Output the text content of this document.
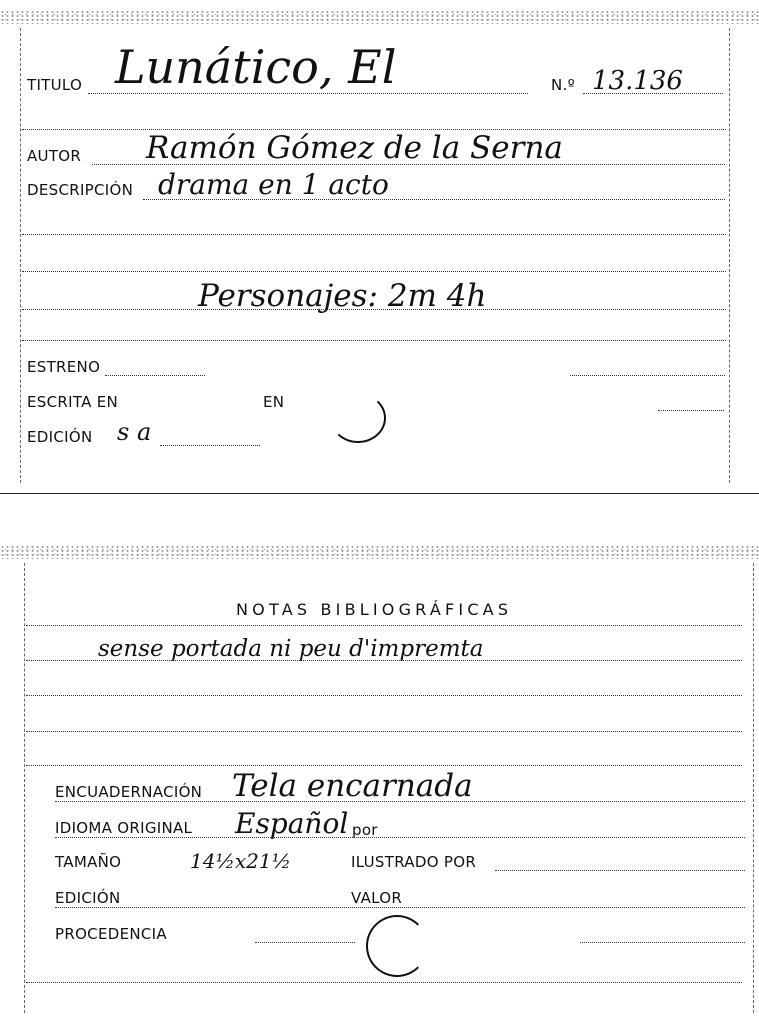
TITULO Lunático, El	N.º 13.136
AUTOR Ramón Gómez de la Serna
DESCRIPCIÓN drama en 1 acto
Personajes: 2m 4h
ESTRENO
ESCRITA EN	EN
EDICIÓN s a
NOTAS BIBLIOGRÁFICAS
sense portada ni peu d'impremta
ENCUADERNACIÓN Tela encarnada
IDIOMA ORIGINAL Español por
TAMAÑO	14½x21½	ILUSTRADO POR
EDICIÓN	VALOR
PROCEDENCIA
